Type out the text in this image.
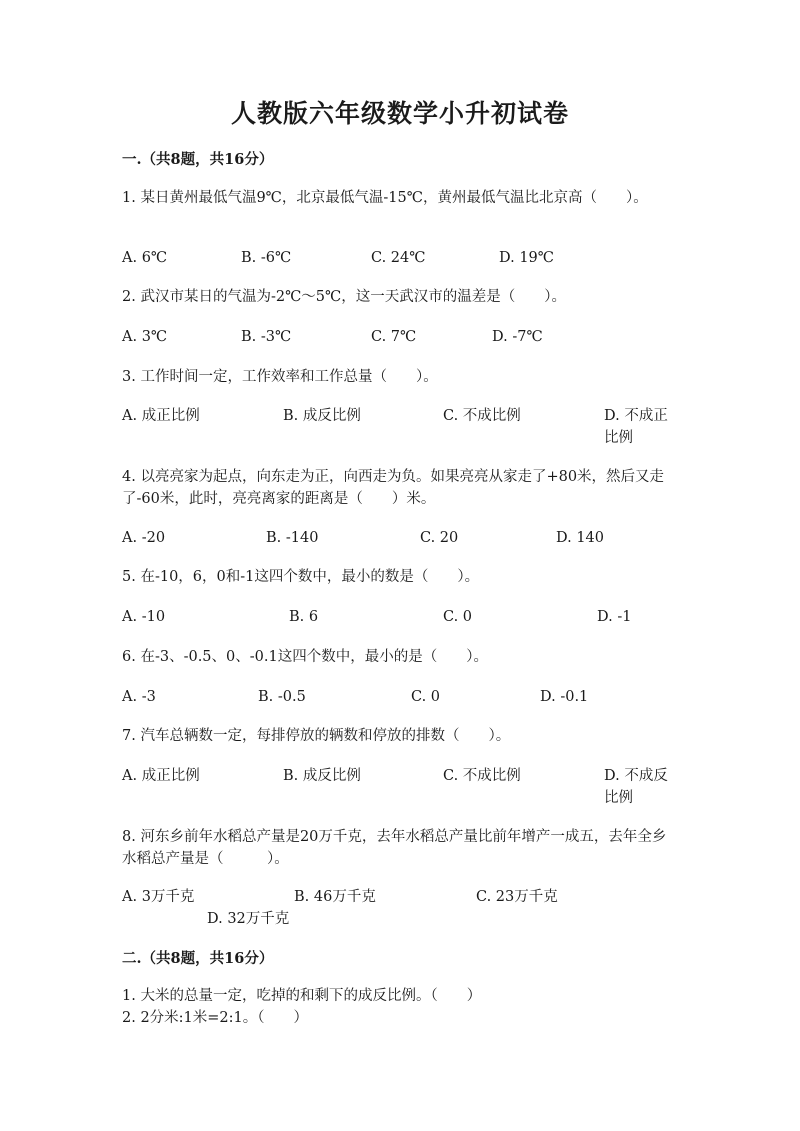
人教版六年级数学小升初试卷
一.（共8题，共16分）
1. 某日黄州最低气温9℃，北京最低气温-15℃，黄州最低气温比北京高（　　）。
A. 6℃	B. -6℃	C. 24℃	D. 19℃
2. 武汉市某日的气温为-2℃～5℃，这一天武汉市的温差是（　　）。
A. 3℃	B. -3℃	C. 7℃	D. -7℃
3. 工作时间一定，工作效率和工作总量（　　）。
A. 成正比例	B. 成反比例	C. 不成比例	D. 不成正比例
4. 以亮亮家为起点，向东走为正，向西走为负。如果亮亮从家走了+80米，然后又走了-60米，此时，亮亮离家的距离是（　　）米。
A. -20	B. -140	C. 20	D. 140
5. 在-10，6，0和-1这四个数中，最小的数是（　　）。
A. -10	B. 6	C. 0	D. -1
6. 在-3、-0.5、0、-0.1这四个数中，最小的是（　　）。
A. -3	B. -0.5	C. 0	D. -0.1
7. 汽车总辆数一定，每排停放的辆数和停放的排数（　　）。
A. 成正比例	B. 成反比例	C. 不成比例	D. 不成反比例
8. 河东乡前年水稻总产量是20万千克，去年水稻总产量比前年增产一成五，去年全乡水稻总产量是（　　　）。
A. 3万千克	B. 46万千克	C. 23万千克
D. 32万千克
二.（共8题，共16分）
1. 大米的总量一定，吃掉的和剩下的成反比例。（　　）
2. 2分米:1米=2:1。（　　）
